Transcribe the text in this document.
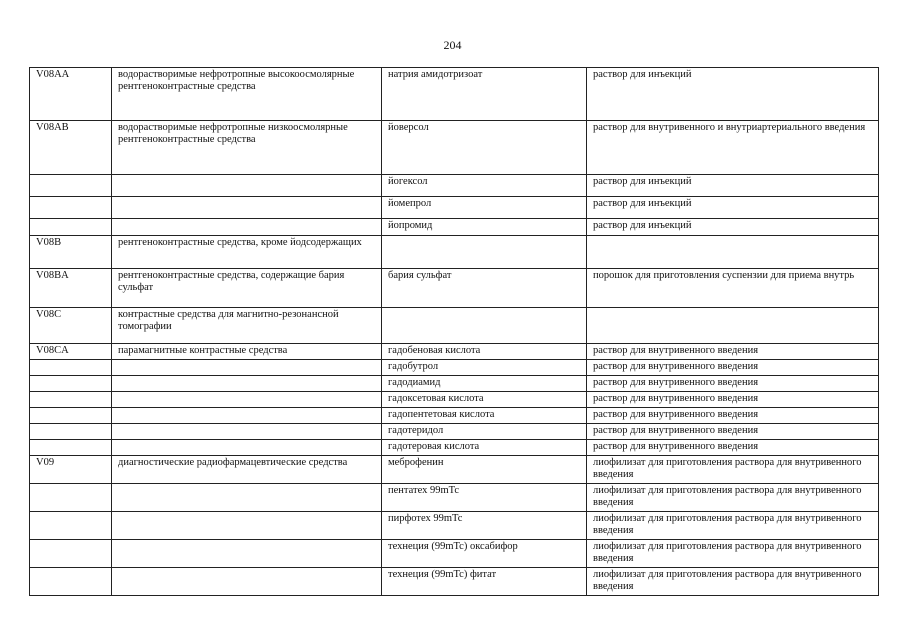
204
V08AA	водорастворимые нефротропные высокоосмолярные рентгеноконтрастные средства	натрия амидотризоат	раствор для инъекций
V08AB	водорастворимые нефротропные низкоосмолярные рентгеноконтрастные средства	йоверсол	раствор для внутривенного и внутриартериального введения
		йогексол	раствор для инъекций
		йомепрол	раствор для инъекций
		йопромид	раствор для инъекций
V08B	рентгеноконтрастные средства, кроме йодсодержащих		
V08BA	рентгеноконтрастные средства, содержащие бария сульфат	бария сульфат	порошок для приготовления суспензии для приема внутрь
V08C	контрастные средства для магнитно-резонансной томографии		
V08CA	парамагнитные контрастные средства	гадобеновая кислота	раствор для внутривенного введения
		гадобутрол	раствор для внутривенного введения
		гадодиамид	раствор для внутривенного введения
		гадоксетовая кислота	раствор для внутривенного введения
		гадопентетовая кислота	раствор для внутривенного введения
		гадотеридол	раствор для внутривенного введения
		гадотеровая кислота	раствор для внутривенного введения
V09	диагностические радиофармацевтические средства	меброфенин	лиофилизат для приготовления раствора для внутривенного введения
		пентатех 99mTc	лиофилизат для приготовления раствора для внутривенного введения
		пирфотех 99mTc	лиофилизат для приготовления раствора для внутривенного введения
		технеция (99mTc) оксабифор	лиофилизат для приготовления раствора для внутривенного введения
		технеция (99mTc) фитат	лиофилизат для приготовления раствора для внутривенного введения
